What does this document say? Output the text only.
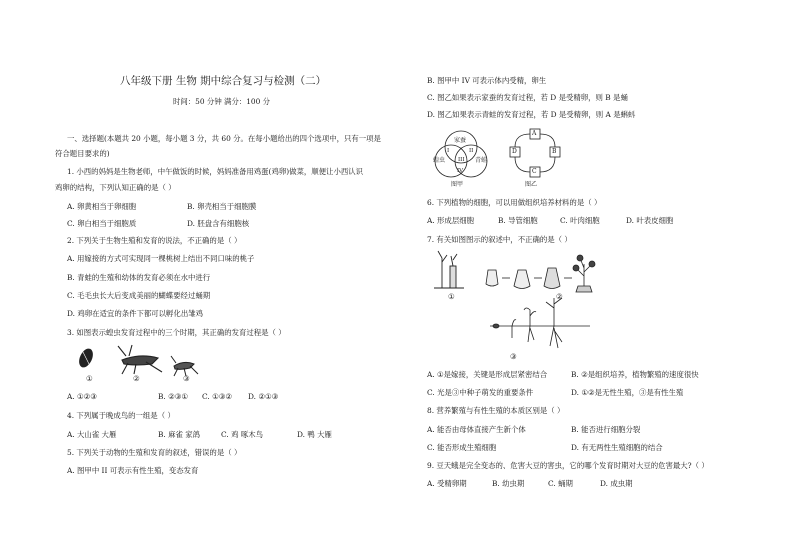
八年级下册 生物 期中综合复习与检测（二）
时间：50 分钟 满分：100 分
一、选择题(本题共 20 小题，每小题 3 分，共 60 分。在每小题给出的四个选项中，只有一项是
符合题目要求的)
1. 小西的妈妈是生物老师，中午做饭的时候，妈妈准备用鸡蛋(鸡卵)做菜，顺便让小西认识
鸡卵的结构，下列认知正确的是（ ）
A. 卵黄相当于卵细胞	B. 卵壳相当于细胞膜
C. 卵白相当于细胞质	D. 胚盘含有细胞核
2. 下列关于生物生殖和发育的说法，不正确的是（ ）
A. 用嫁接的方式可实现同一棵桃树上结出不同口味的桃子
B. 青蛙的生殖和幼体的发育必须在水中进行
C. 毛毛虫长大后变成美丽的蝴蝶要经过蛹期
D. 鸡卵在适宜的条件下都可以孵化出雏鸡
3. 如图表示蝗虫发育过程中的三个时期，其正确的发育过程是（ ）
①	②	③
A. ①②③	B. ②③① C. ①③② D. ②①③
4. 下列属于晚成鸟的一组是（ ）
A. 大山雀 大雁	B. 麻雀 家鸽	C. 鸡 啄木鸟	D. 鸭 大雁
5. 下列关于动物的生殖和发育的叙述，错误的是（ ）
A. 图甲中 II 可表示有性生殖，变态发育
B. 图甲中 IV 可表示体内受精，卵生
C. 图乙如果表示家蚕的发育过程，若 D 是受精卵，则 B 是蛹
D. 图乙如果表示青蛙的发育过程，若 D 是受精卵，则 A 是蝌蚪
家蚕
蝗虫	青蛙
I	II
III
IV
图甲
A
B
C
D
图乙
6. 下列植物的细胞，可以用做组织培养材料的是（ ）
A. 形成层细胞	B. 导管细胞	C. 叶肉细胞	D. 叶表皮细胞
7. 有关如图图示的叙述中，不正确的是（ ）
①	②
③
A. ①是嫁接，关键是形成层紧密结合	B. ②是组织培养，植物繁殖的速度很快
C. 光是③中种子萌发的重要条件	D. ①②是无性生殖，③是有性生殖
8. 营养繁殖与有性生殖的本质区别是（ ）
A. 能否由母体直接产生新个体	B. 能否进行细胞分裂
C. 能否形成生殖细胞	D. 有无两性生殖细胞的结合
9. 豆天蛾是完全变态的、危害大豆的害虫，它的哪个发育时期对大豆的危害最大?（ ）
A. 受精卵期	B. 幼虫期	C. 蛹期	D. 成虫期
